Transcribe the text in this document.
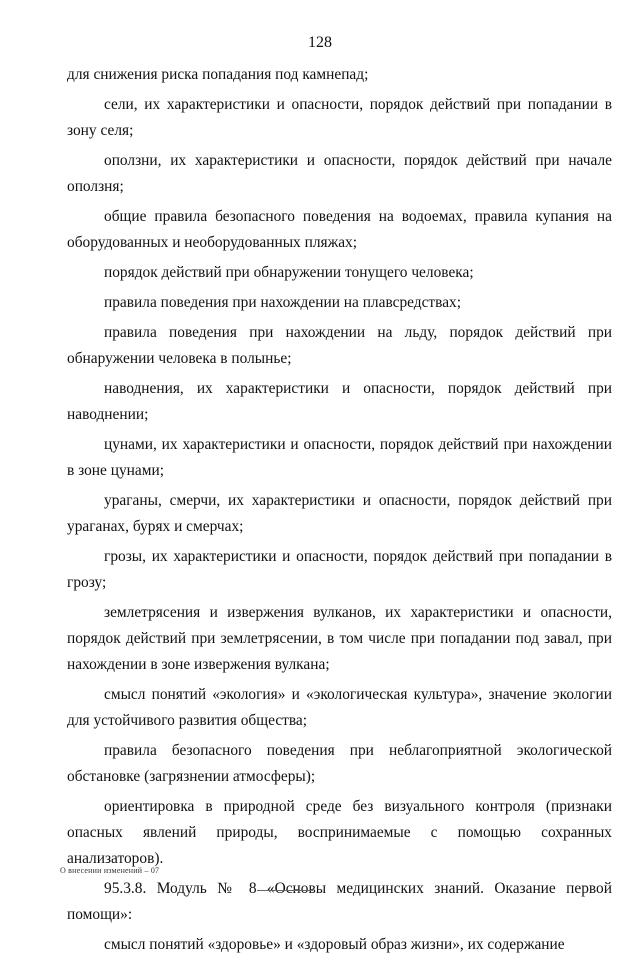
128

для снижения риска попадания под камнепад;

сели, их характеристики и опасности, порядок действий при попадании в зону селя;

оползни, их характеристики и опасности, порядок действий при начале оползня;

общие правила безопасного поведения на водоемах, правила купания на оборудованных и необорудованных пляжах;

порядок действий при обнаружении тонущего человека;

правила поведения при нахождении на плавсредствах;

правила поведения при нахождении на льду, порядок действий при обнаружении человека в полынье;

наводнения, их характеристики и опасности, порядок действий при наводнении;

цунами, их характеристики и опасности, порядок действий при нахождении в зоне цунами;

ураганы, смерчи, их характеристики и опасности, порядок действий при ураганах, бурях и смерчах;

грозы, их характеристики и опасности, порядок действий при попадании в грозу;

землетрясения и извержения вулканов, их характеристики и опасности, порядок действий при землетрясении, в том числе при попадании под завал, при нахождении в зоне извержения вулкана;

смысл понятий «экология» и «экологическая культура», значение экологии для устойчивого развития общества;

правила безопасного поведения при неблагоприятной экологической обстановке (загрязнении атмосферы);

ориентировка в природной среде без визуального контроля (признаки опасных явлений природы, воспринимаемые с помощью сохранных анализаторов).

95.3.8. Модуль № 8 «Основы медицинских знаний. Оказание первой помощи»:

смысл понятий «здоровье» и «здоровый образ жизни», их содержание

О внесении изменений – 07
